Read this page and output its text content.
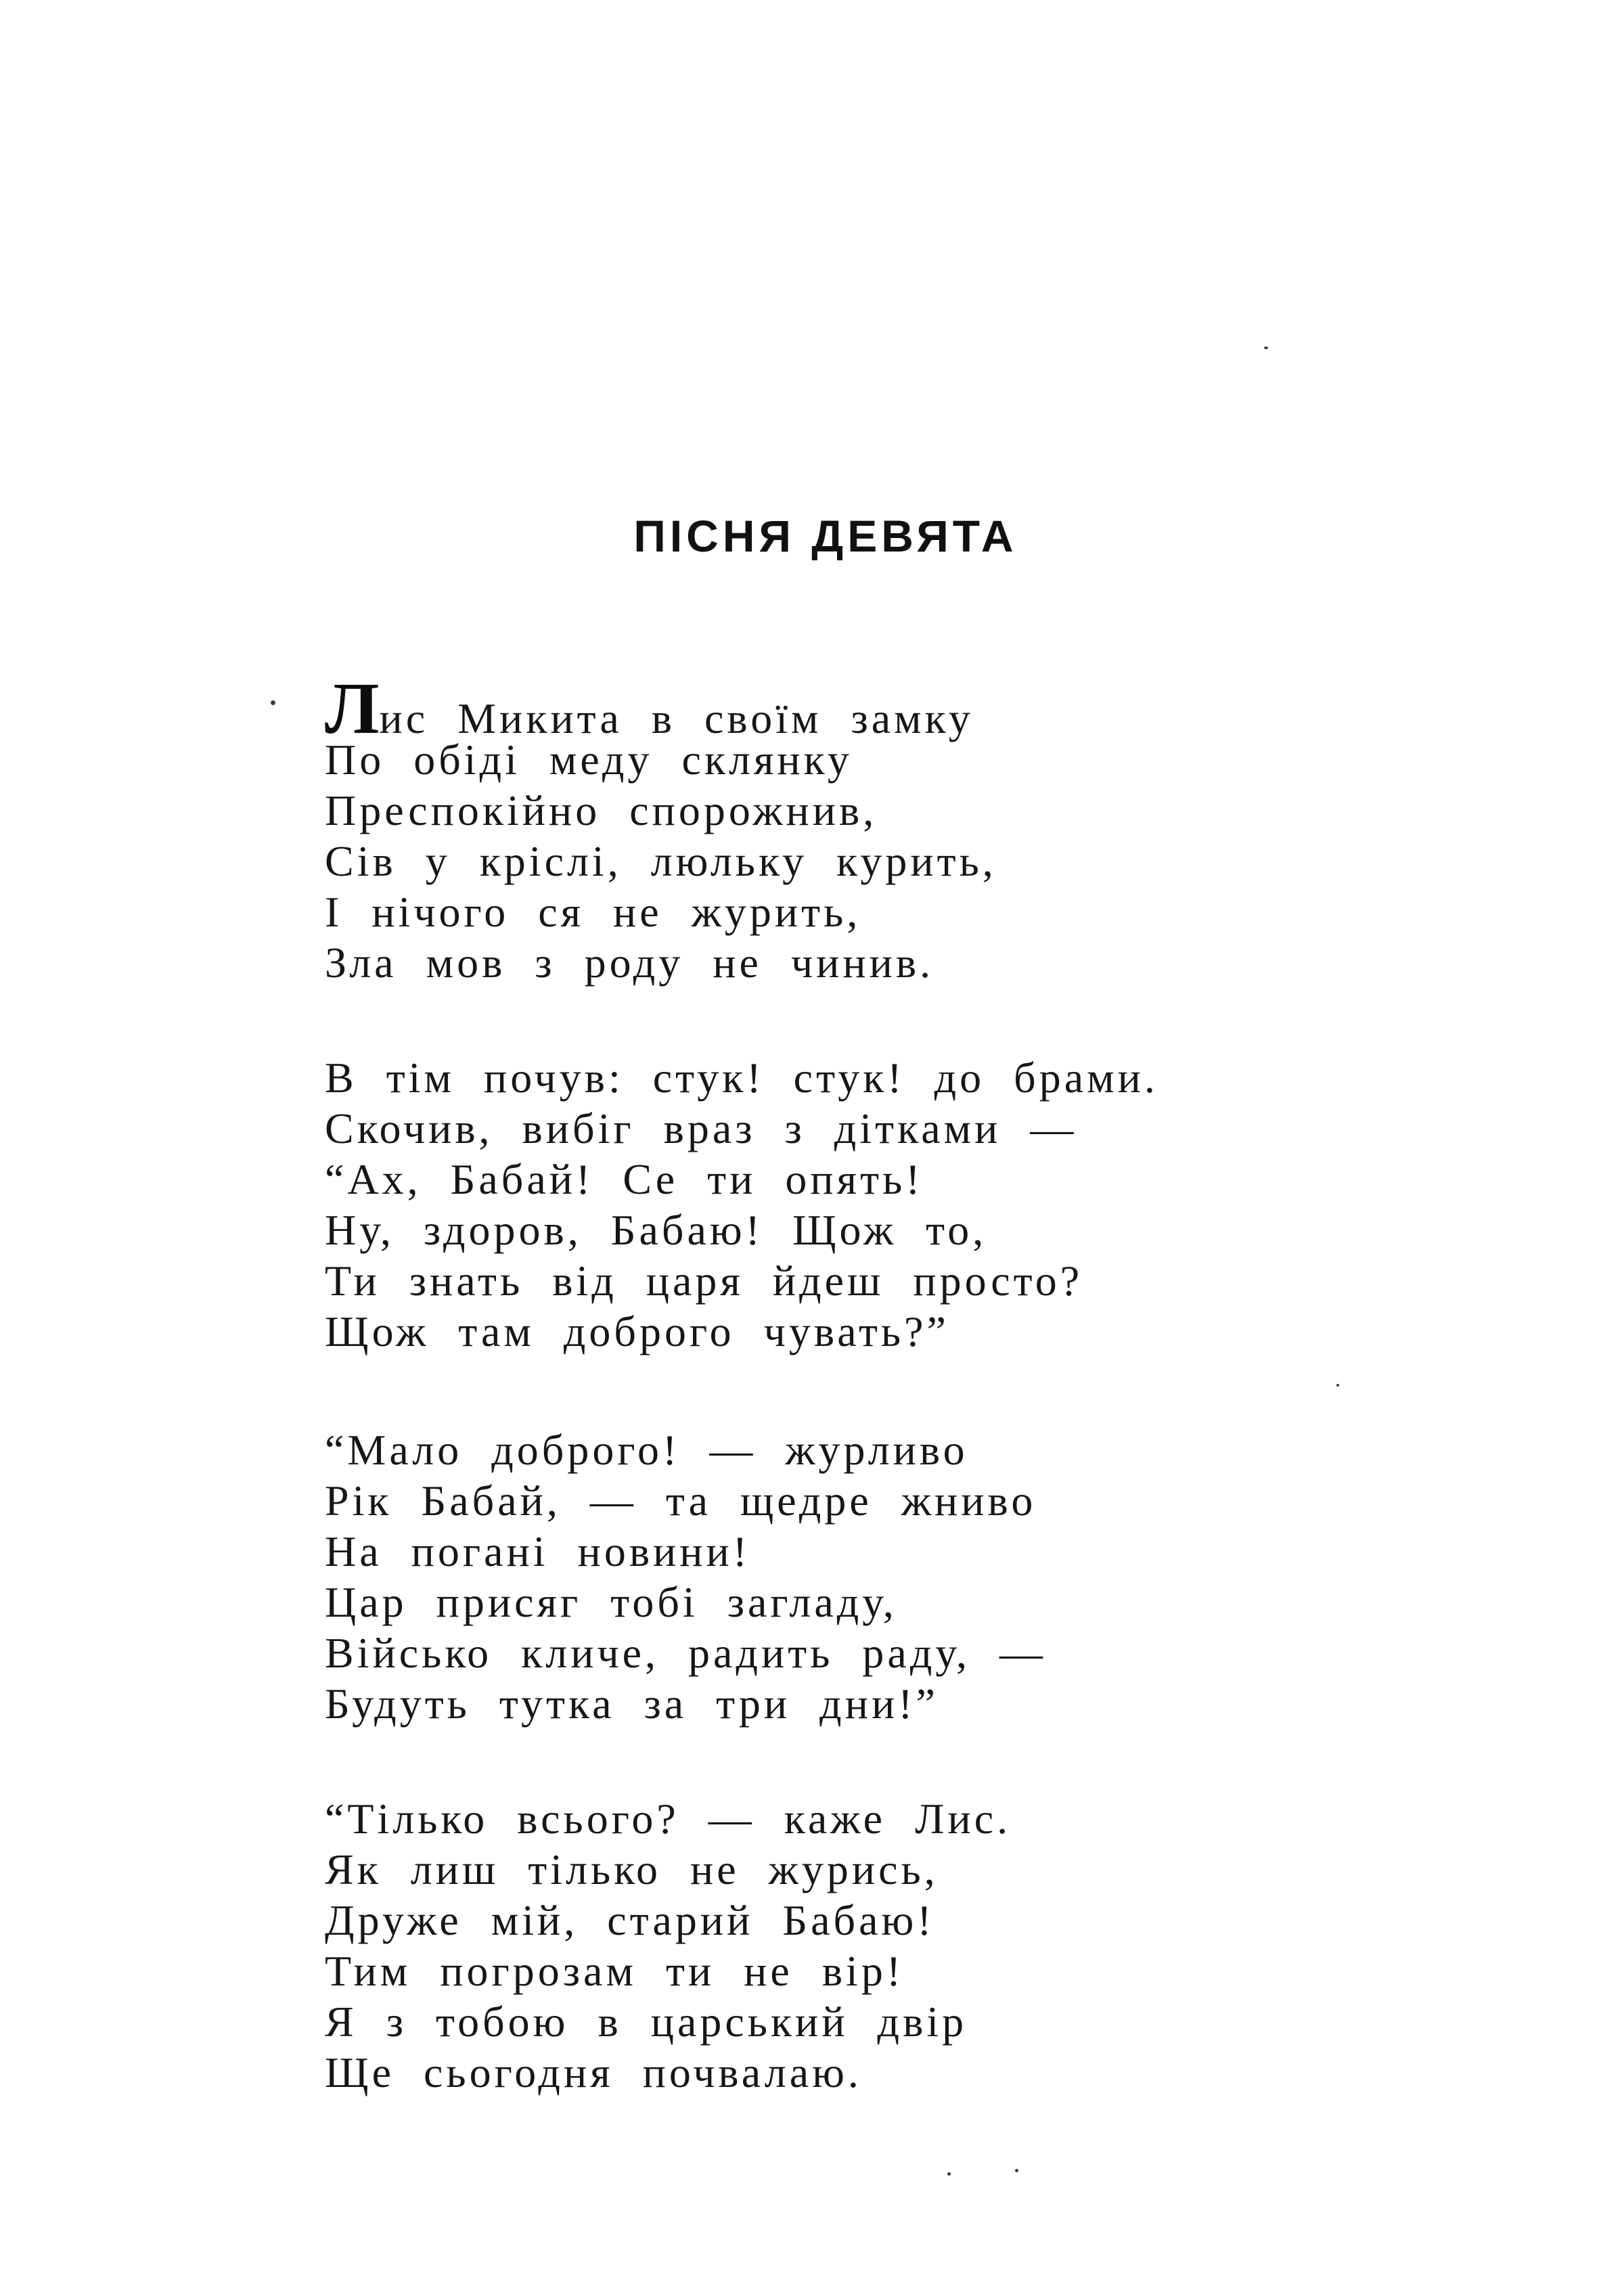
ПІСНЯ ДЕВЯТА
Лис Микита в своїм замку
По обіді меду склянку
Преспокійно спорожнив,
Сів у кріслі, люльку курить,
І нічого ся не журить,
Зла мов з роду не чинив.
В тім почув: стук! стук! до брами.
Скочив, вибіг враз з дітками —
“Ах, Бабай! Се ти опять!
Ну, здоров, Бабаю! Щож то,
Ти знать від царя йдеш просто?
Щож там доброго чувать?”
“Мало доброго! — журливо
Рік Бабай, — та щедре жниво
На погані новини!
Цар присяг тобі загладу,
Військо кличе, радить раду, —
Будуть тутка за три дни!”
“Тілько всього? — каже Лис.
Як лиш тілько не журись,
Друже мій, старий Бабаю!
Тим погрозам ти не вір!
Я з тобою в царський двір
Ще сьогодня почвалаю.
